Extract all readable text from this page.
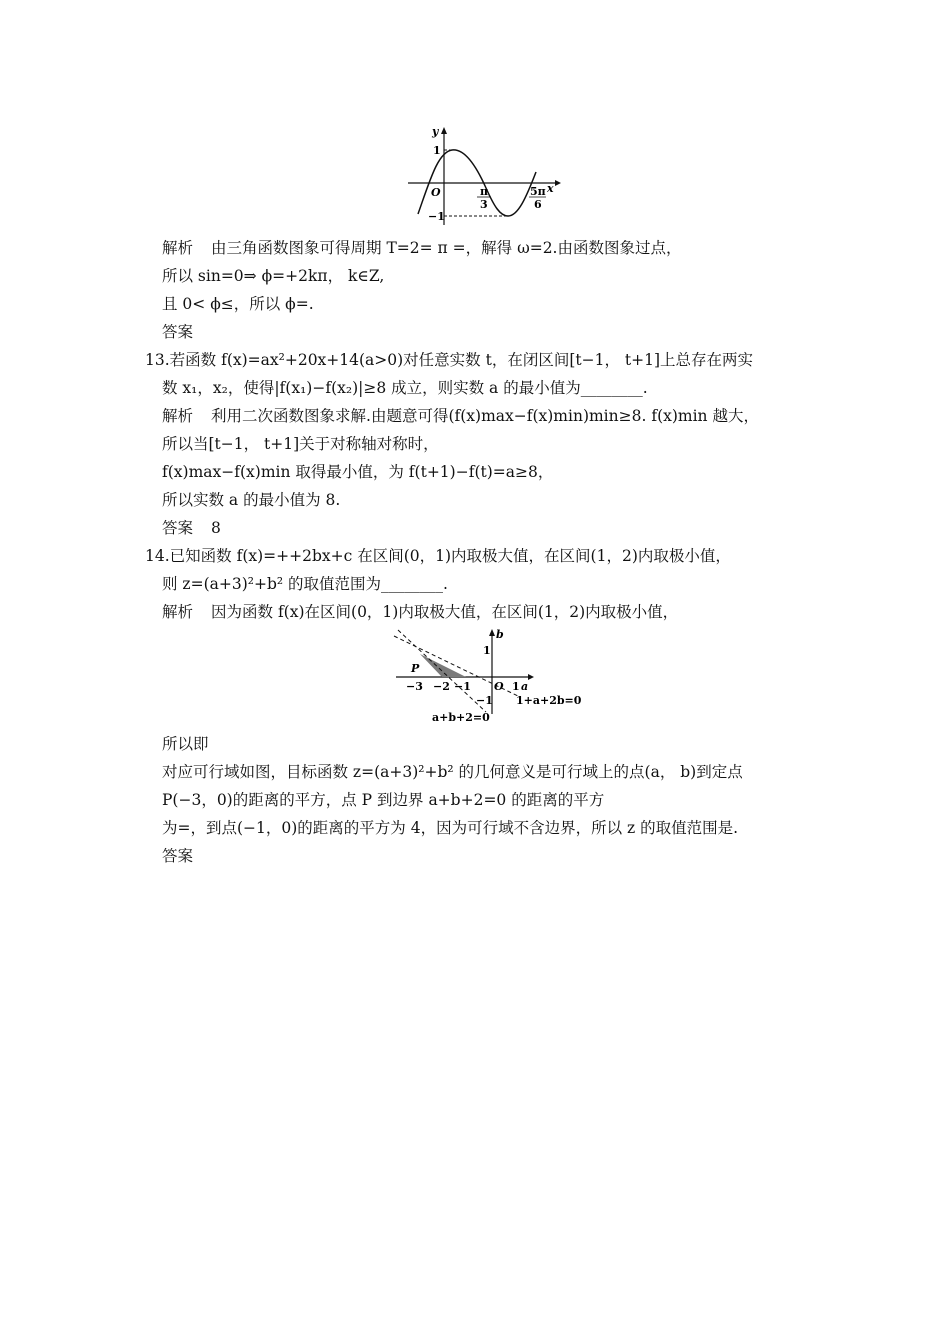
y
x
O
1
−1
π
3
5π
6
解析 由三角函数图象可得周期 T=2= π =，解得 ω=2.由函数图象过点，
所以 sin=0⇒ ϕ=+2kπ， k∈Z,
且 0< ϕ≤，所以 ϕ=.
答案
13.若函数 f(x)=ax²+20x+14(a>0)对任意实数 t，在闭区间[t−1， t+1]上总存在两实
数 x₁，x₂，使得|f(x₁)−f(x₂)|≥8 成立，则实数 a 的最小值为________.
解析 利用二次函数图象求解.由题意可得(f(x)max−f(x)min)min≥8. f(x)min 越大，
所以当[t−1， t+1]关于对称轴对称时，
f(x)max−f(x)min 取得最小值，为 f(t+1)−f(t)=a≥8，
所以实数 a 的最小值为 8.
答案 8
14.已知函数 f(x)=++2bx+c 在区间(0，1)内取极大值，在区间(1，2)内取极小值，
则 z=(a+3)²+b² 的取值范围为________.
解析 因为函数 f(x)在区间(0，1)内取极大值，在区间(1，2)内取极小值，
b
1
P
−3 −2 −1 O 1 a
−1 1+a+2b=0
a+b+2=0
所以即
对应可行域如图，目标函数 z=(a+3)²+b² 的几何意义是可行域上的点(a， b)到定点
P(−3，0)的距离的平方，点 P 到边界 a+b+2=0 的距离的平方
为=，到点(−1，0)的距离的平方为 4，因为可行域不含边界，所以 z 的取值范围是.
答案
